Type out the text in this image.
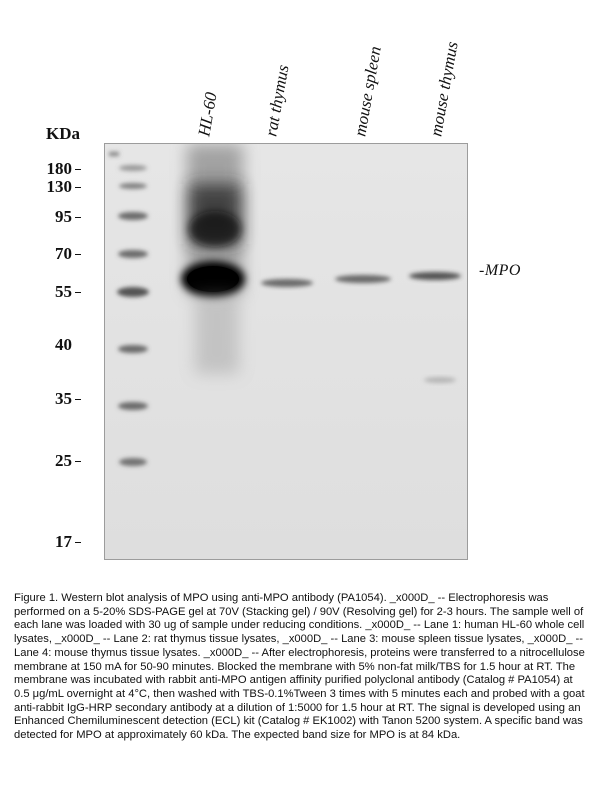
HL-60 rat thymus	mouse spleen mouse thymus
KDa
180
130
95
70
55
40
35
25
17
-MPO
Figure 1. Western blot analysis of MPO using anti-MPO antibody (PA1054). _x000D_ -- Electrophoresis was performed on a 5-20% SDS-PAGE gel at 70V (Stacking gel) / 90V (Resolving gel) for 2-3 hours. The sample well of each lane was loaded with 30 ug of sample under reducing conditions. _x000D_ -- Lane 1: human HL-60 whole cell lysates, _x000D_ -- Lane 2: rat thymus tissue lysates, _x000D_ -- Lane 3: mouse spleen tissue lysates, _x000D_ -- Lane 4: mouse thymus tissue lysates. _x000D_ -- After electrophoresis, proteins were transferred to a nitrocellulose membrane at 150 mA for 50-90 minutes. Blocked the membrane with 5% non-fat milk/TBS for 1.5 hour at RT. The membrane was incubated with rabbit anti-MPO antigen affinity purified polyclonal antibody (Catalog # PA1054) at 0.5 μg/mL overnight at 4°C, then washed with TBS-0.1%Tween 3 times with 5 minutes each and probed with a goat anti-rabbit IgG-HRP secondary antibody at a dilution of 1:5000 for 1.5 hour at RT. The signal is developed using an Enhanced Chemiluminescent detection (ECL) kit (Catalog # EK1002) with Tanon 5200 system. A specific band was detected for MPO at approximately 60 kDa. The expected band size for MPO is at 84 kDa.
